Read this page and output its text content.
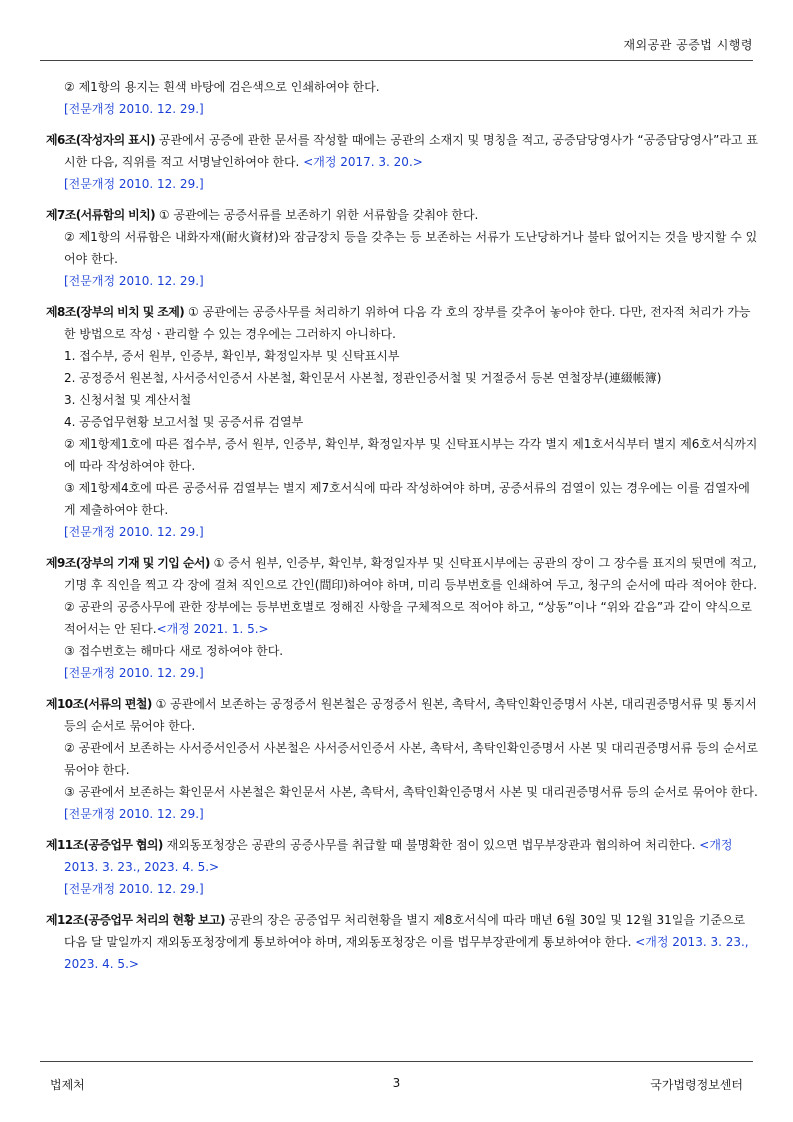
재외공관 공증법 시행령

② 제1항의 용지는 흰색 바탕에 검은색으로 인쇄하여야 한다.

[전문개정 2010. 12. 29.]

제6조(작성자의 표시) 공관에서 공증에 관한 문서를 작성할 때에는 공관의 소재지 및 명칭을 적고, 공증담당영사가 “공증담당영사”라고 표시한 다음, 직위를 적고 서명날인하여야 한다. <개정 2017. 3. 20.>

[전문개정 2010. 12. 29.]

제7조(서류함의 비치) ① 공관에는 공증서류를 보존하기 위한 서류함을 갖춰야 한다.

② 제1항의 서류함은 내화자재(耐火資材)와 잠금장치 등을 갖추는 등 보존하는 서류가 도난당하거나 불타 없어지는 것을 방지할 수 있어야 한다.

[전문개정 2010. 12. 29.]

제8조(장부의 비치 및 조제) ① 공관에는 공증사무를 처리하기 위하여 다음 각 호의 장부를 갖추어 놓아야 한다. 다만, 전자적 처리가 가능한 방법으로 작성ㆍ관리할 수 있는 경우에는 그러하지 아니하다.

1. 접수부, 증서 원부, 인증부, 확인부, 확정일자부 및 신탁표시부

2. 공정증서 원본철, 사서증서인증서 사본철, 확인문서 사본철, 정관인증서철 및 거절증서 등본 연철장부(連綴帳簿)

3. 신청서철 및 계산서철

4. 공증업무현황 보고서철 및 공증서류 검열부

② 제1항제1호에 따른 접수부, 증서 원부, 인증부, 확인부, 확정일자부 및 신탁표시부는 각각 별지 제1호서식부터 별지 제6호서식까지에 따라 작성하여야 한다.

③ 제1항제4호에 따른 공증서류 검열부는 별지 제7호서식에 따라 작성하여야 하며, 공증서류의 검열이 있는 경우에는 이를 검열자에게 제출하여야 한다.

[전문개정 2010. 12. 29.]

제9조(장부의 기재 및 기입 순서) ① 증서 원부, 인증부, 확인부, 확정일자부 및 신탁표시부에는 공관의 장이 그 장수를 표지의 뒷면에 적고, 기명 후 직인을 찍고 각 장에 걸쳐 직인으로 간인(間印)하여야 하며, 미리 등부번호를 인쇄하여 두고, 청구의 순서에 따라 적어야 한다.

② 공관의 공증사무에 관한 장부에는 등부번호별로 정해진 사항을 구체적으로 적어야 하고, “상동”이나 “위와 같음”과 같이 약식으로 적어서는 안 된다.<개정 2021. 1. 5.>

③ 접수번호는 해마다 새로 정하여야 한다.

[전문개정 2010. 12. 29.]

제10조(서류의 편철) ① 공관에서 보존하는 공정증서 원본철은 공정증서 원본, 촉탁서, 촉탁인확인증명서 사본, 대리권증명서류 및 통지서 등의 순서로 묶어야 한다.

② 공관에서 보존하는 사서증서인증서 사본철은 사서증서인증서 사본, 촉탁서, 촉탁인확인증명서 사본 및 대리권증명서류 등의 순서로 묶어야 한다.

③ 공관에서 보존하는 확인문서 사본철은 확인문서 사본, 촉탁서, 촉탁인확인증명서 사본 및 대리권증명서류 등의 순서로 묶어야 한다.

[전문개정 2010. 12. 29.]

제11조(공증업무 협의) 재외동포청장은 공관의 공증사무를 취급할 때 불명확한 점이 있으면 법무부장관과 협의하여 처리한다. <개정 2013. 3. 23., 2023. 4. 5.>

[전문개정 2010. 12. 29.]

제12조(공증업무 처리의 현황 보고) 공관의 장은 공증업무 처리현황을 별지 제8호서식에 따라 매년 6월 30일 및 12월 31일을 기준으로 다음 달 말일까지 재외동포청장에게 통보하여야 하며, 재외동포청장은 이를 법무부장관에게 통보하여야 한다. <개정 2013. 3. 23., 2023. 4. 5.>

법제처	3	국가법령정보센터
